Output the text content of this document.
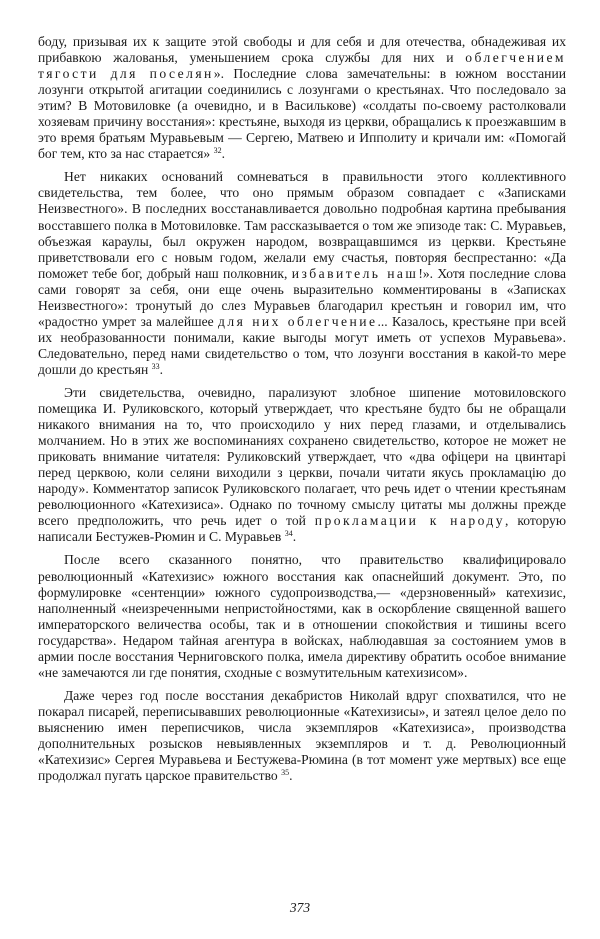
боду, призывая их к защите этой свободы и для себя и для отечества, обнадеживая их прибавкою жалованья, уменьшением срока службы для них и облегчением тягости для поселян». Последние слова замечательны: в южном восстании лозунги открытой агитации соединились с лозунгами о крестьянах. Что последовало за этим? В Мотовиловке (а очевидно, и в Василькове) «солдаты по-своему растолковали хозяевам причину восстания»: крестьяне, выходя из церкви, обращались к проезжавшим в это время братьям Муравьевым — Сергею, Матвею и Ипполиту и кричали им: «Помогай бог тем, кто за нас старается» $^{32}$.

Нет никаких оснований сомневаться в правильности этого коллективного свидетельства, тем более, что оно прямым образом совпадает с «Записками Неизвестного». В последних восстанавливается довольно подробная картина пребывания восставшего полка в Мотовиловке. Там рассказывается о том же эпизоде так: С. Муравьев, объезжая караулы, был окружен народом, возвращавшимся из церкви. Крестьяне приветствовали его с новым годом, желали ему счастья, повторяя беспрестанно: «Да поможет тебе бог, добрый наш полковник, избавитель наш!». Хотя последние слова сами говорят за себя, они еще очень выразительно комментированы в «Записках Неизвестного»: тронутый до слез Муравьев благодарил крестьян и говорил им, что «радостно умрет за малейшее для них облегчение... Казалось, крестьяне при всей их необразованности понимали, какие выгоды могут иметь от успехов Муравьева». Следовательно, перед нами свидетельство о том, что лозунги восстания в какой-то мере дошли до крестьян $^{33}$.

Эти свидетельства, очевидно, парализуют злобное шипение мотовиловского помещика И. Руликовского, который утверждает, что крестьяне будто бы не обращали никакого внимания на то, что происходило у них перед глазами, и отделывались молчанием. Но в этих же воспоминаниях сохранено свидетельство, которое не может не приковать внимание читателя: Руликовский утверждает, что «два офіцери на цвинтарі перед церквою, коли селяни виходили з церкви, почали читати якусь прокламацію до народу». Комментатор записок Руликовского полагает, что речь идет о чтении крестьянам революционного «Катехизиса». Однако по точному смыслу цитаты мы должны прежде всего предположить, что речь идет о той прокламации к народу, которую написали Бестужев-Рюмин и С. Муравьев $^{34}$.

После всего сказанного понятно, что правительство квалифицировало революционный «Катехизис» южного восстания как опаснейший документ. Это, по формулировке «сентенции» южного судопроизводства,— «дерзновенный» катехизис, наполненный «неизреченными непристойностями, как в оскорбление священной вашего императорского величества особы, так и в отношении спокойствия и тишины всего государства». Недаром тайная агентура в войсках, наблюдавшая за состоянием умов в армии после восстания Черниговского полка, имела директиву обратить особое внимание «не замечаются ли где понятия, сходные с возмутительным катехизисом».

Даже через год после восстания декабристов Николай вдруг спохватился, что не покарал писарей, переписывавших революционные «Катехизисы», и затеял целое дело по выяснению имен переписчиков, числа экземпляров «Катехизиса», производства дополнительных розысков невыявленных экземпляров и т. д. Революционный «Катехизис» Сергея Муравьева и Бестужева-Рюмина (в тот момент уже мертвых) все еще продолжал пугать царское правительство $^{35}$.

373
